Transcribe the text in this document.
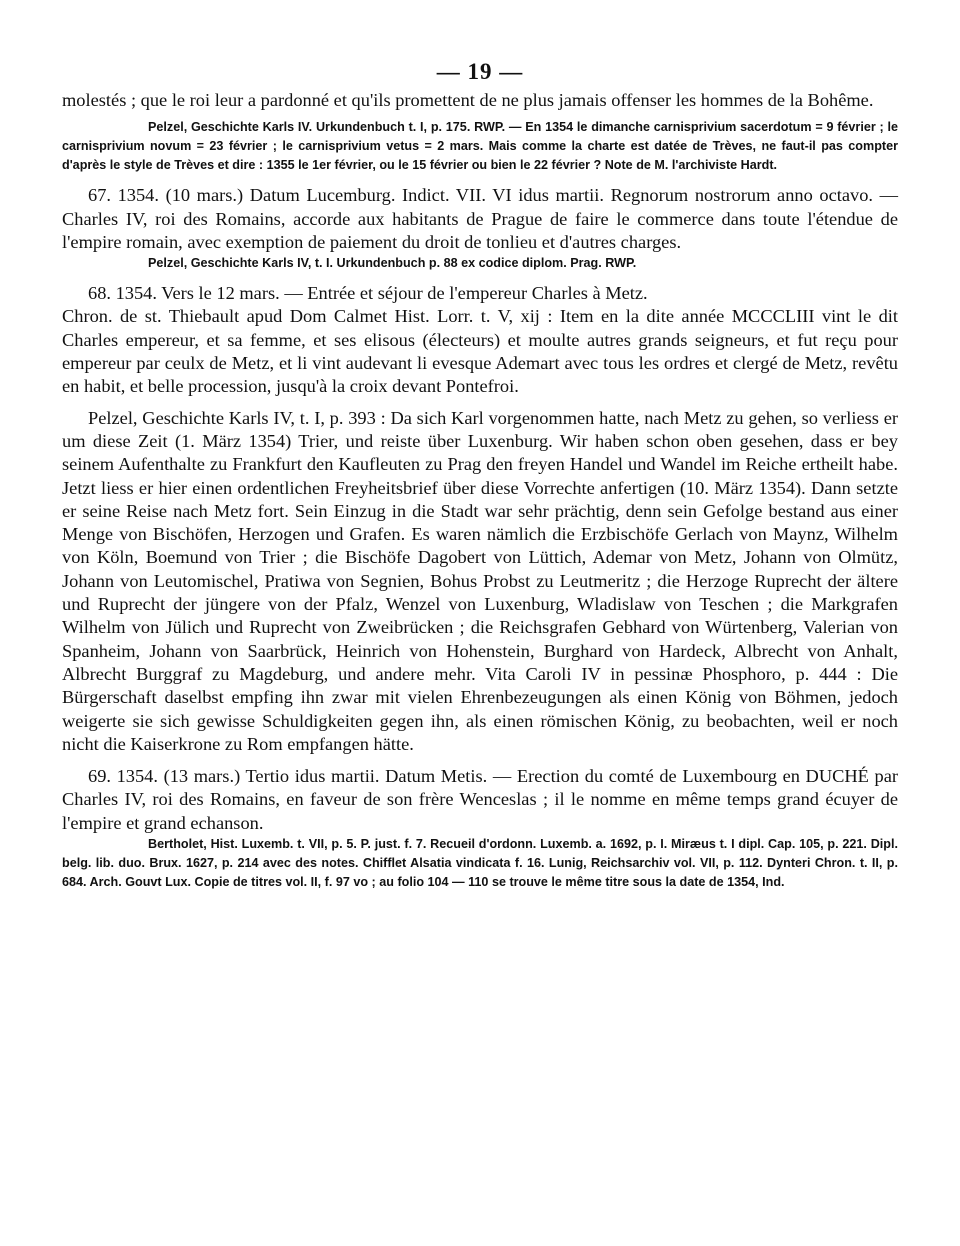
— 19 —

molestés ; que le roi leur a pardonné et qu'ils promettent de ne plus jamais offenser les hommes de la Bohême.

Pelzel, Geschichte Karls IV. Urkundenbuch t. I, p. 175. RWP. — En 1354 le dimanche carnisprivium sacerdotum = 9 février ; le carnisprivium novum = 23 février ; le carnisprivium vetus = 2 mars. Mais comme la charte est datée de Trèves, ne faut-il pas compter d'après le style de Trèves et dire : 1355 le 1er février, ou le 15 février ou bien le 22 février ? Note de M. l'archiviste Hardt.

67. 1354. (10 mars.) Datum Lucemburg. Indict. VII. VI idus martii. Regnorum nostrorum anno octavo. — Charles IV, roi des Romains, accorde aux habitants de Prague de faire le commerce dans toute l'étendue de l'empire romain, avec exemption de paiement du droit de tonlieu et d'autres charges.

Pelzel, Geschichte Karls IV, t. I. Urkundenbuch p. 88 ex codice diplom. Prag. RWP.

68. 1354. Vers le 12 mars. — Entrée et séjour de l'empereur Charles à Metz.

Chron. de st. Thiebault apud Dom Calmet Hist. Lorr. t. V, xij : Item en la dite année MCCCLIII vint le dit Charles empereur, et sa femme, et ses elisous (électeurs) et moulte autres grands seigneurs, et fut reçu pour empereur par ceulx de Metz, et li vint audevant li evesque Ademart avec tous les ordres et clergé de Metz, revêtu en habit, et belle procession, jusqu'à la croix devant Pontefroi.

Pelzel, Geschichte Karls IV, t. I, p. 393 : Da sich Karl vorgenommen hatte, nach Metz zu gehen, so verliess er um diese Zeit (1. März 1354) Trier, und reiste über Luxenburg. Wir haben schon oben gesehen, dass er bey seinem Aufenthalte zu Frankfurt den Kaufleuten zu Prag den freyen Handel und Wandel im Reiche ertheilt habe. Jetzt liess er hier einen ordentlichen Freyheitsbrief über diese Vorrechte anfertigen (10. März 1354). Dann setzte er seine Reise nach Metz fort. Sein Einzug in die Stadt war sehr prächtig, denn sein Gefolge bestand aus einer Menge von Bischöfen, Herzogen und Grafen. Es waren nämlich die Erzbischöfe Gerlach von Maynz, Wilhelm von Köln, Boemund von Trier ; die Bischöfe Dagobert von Lüttich, Ademar von Metz, Johann von Olmütz, Johann von Leutomischel, Pratiwa von Segnien, Bohus Probst zu Leutmeritz ; die Herzoge Ruprecht der ältere und Ruprecht der jüngere von der Pfalz, Wenzel von Luxenburg, Wladislaw von Teschen ; die Markgrafen Wilhelm von Jülich und Ruprecht von Zweibrücken ; die Reichsgrafen Gebhard von Würtenberg, Valerian von Spanheim, Johann von Saarbrück, Heinrich von Hohenstein, Burghard von Hardeck, Albrecht von Anhalt, Albrecht Burggraf zu Magdeburg, und andere mehr. Vita Caroli IV in pessinæ Phosphoro, p. 444 : Die Bürgerschaft daselbst empfing ihn zwar mit vielen Ehrenbezeugungen als einen König von Böhmen, jedoch weigerte sie sich gewisse Schuldigkeiten gegen ihn, als einen römischen König, zu beobachten, weil er noch nicht die Kaiserkrone zu Rom empfangen hätte.

69. 1354. (13 mars.) Tertio idus martii. Datum Metis. — Erection du comté de Luxembourg en DUCHÉ par Charles IV, roi des Romains, en faveur de son frère Wenceslas ; il le nomme en même temps grand écuyer de l'empire et grand echanson.

Bertholet, Hist. Luxemb. t. VII, p. 5. P. just. f. 7. Recueil d'ordonn. Luxemb. a. 1692, p. I. Miræus t. I dipl. Cap. 105, p. 221. Dipl. belg. lib. duo. Brux. 1627, p. 214 avec des notes. Chifflet Alsatia vindicata f. 16. Lunig, Reichsarchiv vol. VII, p. 112. Dynteri Chron. t. II, p. 684. Arch. Gouvt Lux. Copie de titres vol. II, f. 97 vo ; au folio 104 — 110 se trouve le même titre sous la date de 1354, Ind.
